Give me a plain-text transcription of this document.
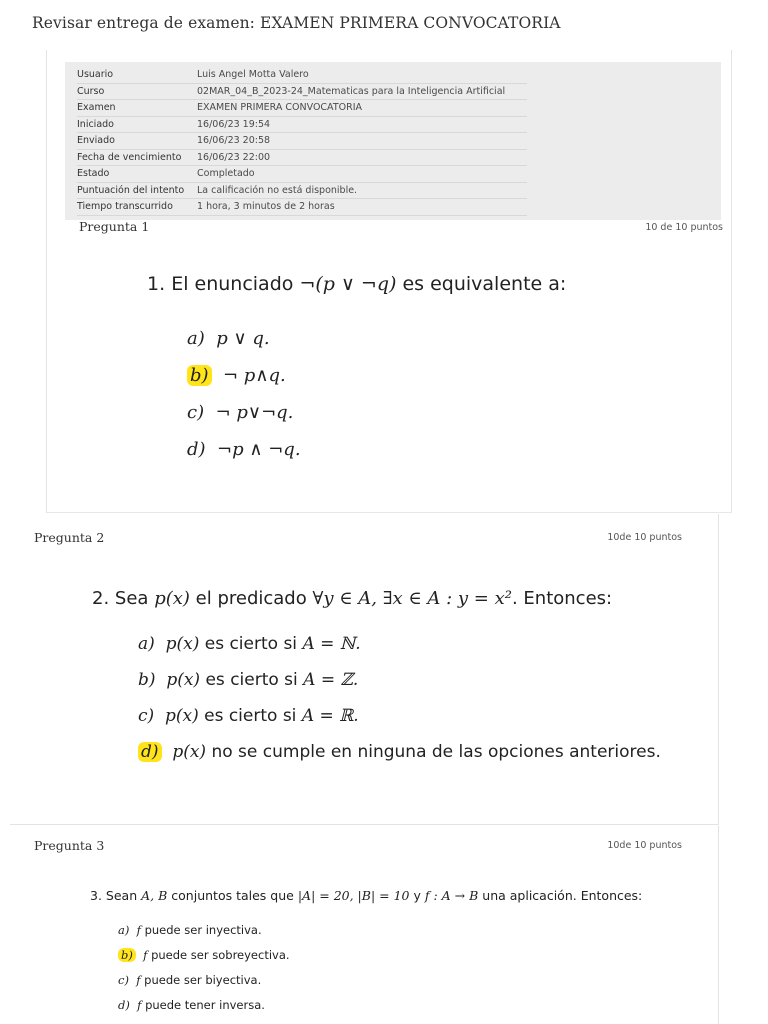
Revisar entrega de examen: EXAMEN PRIMERA CONVOCATORIA
Usuario	Luis Angel Motta Valero
Curso	02MAR_04_B_2023-24_Matematicas para la Inteligencia Artificial
Examen	EXAMEN PRIMERA CONVOCATORIA
Iniciado	16/06/23 19:54
Enviado	16/06/23 20:58
Fecha de vencimiento	16/06/23 22:00
Estado	Completado
Puntuación del intento	La calificación no está disponible.
Tiempo transcurrido	1 hora, 3 minutos de 2 horas
Pregunta 1	10 de 10 puntos
1. El enunciado ¬(p ∨ ¬q) es equivalente a:
a) p ∨ q.
b) ¬ p∧q.
c) ¬ p∨¬q.
d) ¬p ∧ ¬q.
Pregunta 2	10de 10 puntos
2. Sea p(x) el predicado ∀y ∈ A, ∃x ∈ A : y = x². Entonces:
a) p(x) es cierto si A = ℕ.
b) p(x) es cierto si A = ℤ.
c) p(x) es cierto si A = ℝ.
d) p(x) no se cumple en ninguna de las opciones anteriores.
Pregunta 3	10de 10 puntos
3. Sean A, B conjuntos tales que |A| = 20, |B| = 10 y f : A → B una aplicación. Entonces:
a) f puede ser inyectiva.
b) f puede ser sobreyectiva.
c) f puede ser biyectiva.
d) f puede tener inversa.
